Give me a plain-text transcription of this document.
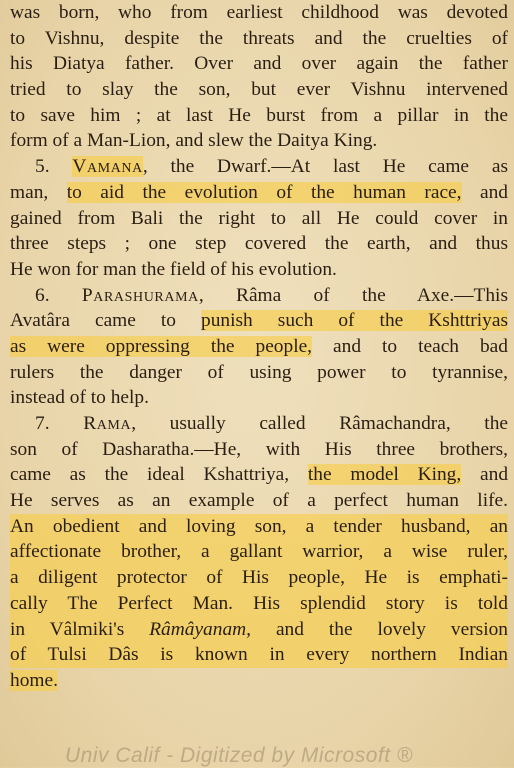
was born, who from earliest childhood was devoted
to Vishnu, despite the threats and the cruelties of
his Diatya father. Over and over again the father
tried to slay the son, but ever Vishnu intervened
to save him ; at last He burst from a pillar in the
form of a Man-Lion, and slew the Daitya King.
5. Vamana, the Dwarf.—At last He came as
man, to aid the evolution of the human race, and
gained from Bali the right to all He could cover in
three steps ; one step covered the earth, and thus
He won for man the field of his evolution.
6. Parashurama, Râma of the Axe.—This
Avatâra came to punish such of the Kshttriyas
as were oppressing the people, and to teach bad
rulers the danger of using power to tyrannise,
instead of to help.
7. Rama, usually called Râmachandra, the
son of Dasharatha.—He, with His three brothers,
came as the ideal Kshattriya, the model King, and
He serves as an example of a perfect human life.
An obedient and loving son, a tender husband, an
affectionate brother, a gallant warrior, a wise ruler,
a diligent protector of His people, He is emphati-
cally The Perfect Man. His splendid story is told
in Vâlmiki's Râmâyanam, and the lovely version
of Tulsi Dâs is known in every northern Indian
home.
Univ Calif - Digitized by Microsoft ®
